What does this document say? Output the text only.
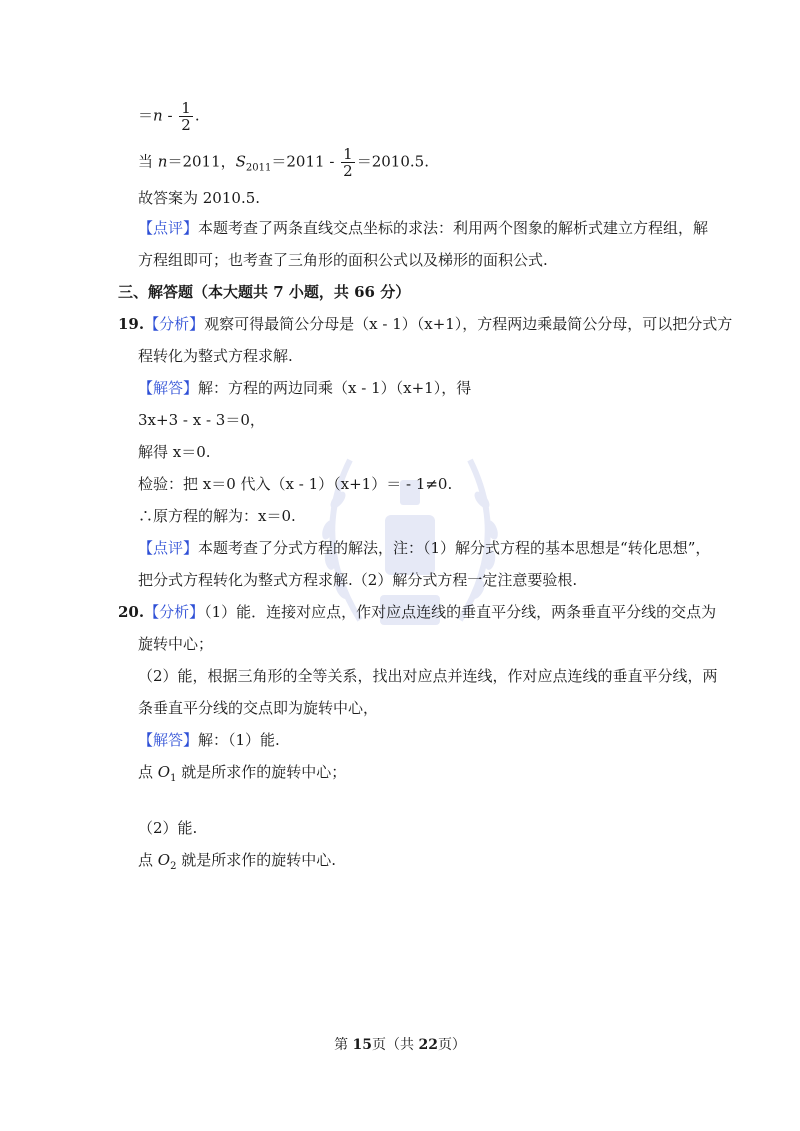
$=n - \frac{1}{2}$ .
当 n＝2011，$S_{2011}=2011 - \frac{1}{2} =2010.5$.
故答案为 2010.5.
【点评】本题考查了两条直线交点坐标的求法：利用两个图象的解析式建立方程组，解
方程组即可；也考查了三角形的面积公式以及梯形的面积公式.
三、解答题（本大题共 7 小题，共 66 分）
19.【分析】观察可得最简公分母是（x - 1）（x+1），方程两边乘最简公分母，可以把分式方
程转化为整式方程求解.
【解答】解：方程的两边同乘（x - 1）（x+1），得
3x+3 - x - 3＝0，
解得 x＝0.
检验：把 x＝0 代入（x - 1）（x+1）＝ - 1≠0.
∴原方程的解为：x＝0.
【点评】本题考查了分式方程的解法，注：（1）解分式方程的基本思想是“转化思想”，
把分式方程转化为整式方程求解.（2）解分式方程一定注意要验根.
20.【分析】（1）能．连接对应点，作对应点连线的垂直平分线，两条垂直平分线的交点为
旋转中心；
（2）能，根据三角形的全等关系，找出对应点并连线，作对应点连线的垂直平分线，两
条垂直平分线的交点即为旋转中心，
【解答】解：（1）能.
点 $O_1$ 就是所求作的旋转中心；
（2）能.
点 $O_2$ 就是所求作的旋转中心.
第 15页（共 22页）
